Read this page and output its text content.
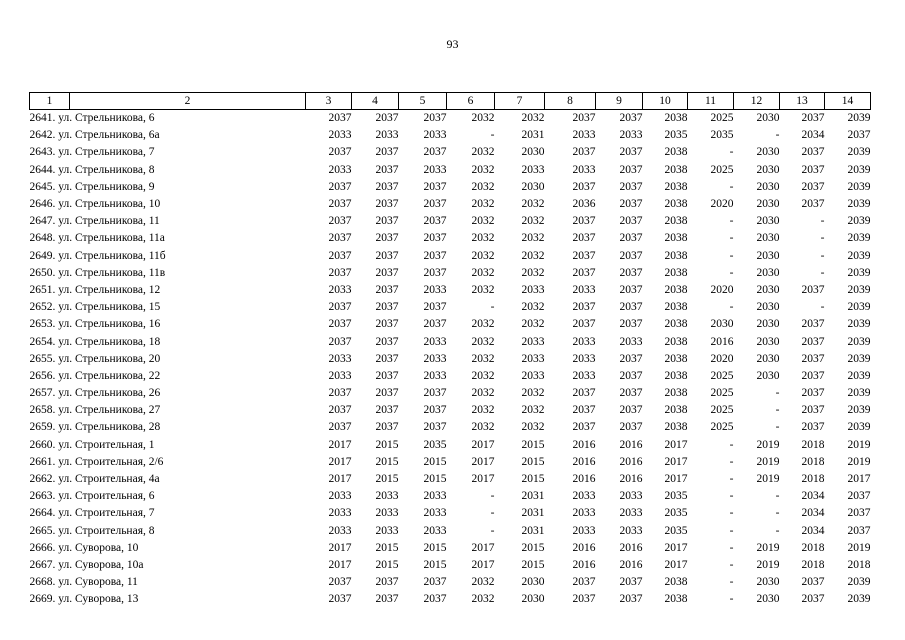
93
1	2	3	4	5	6	7	8	9	10	11	12	13	14
2641. ул. Стрельникова, 6		2037	2037	2037	2032	2032	2037	2037	2038	2025	2030	2037	2039
2642. ул. Стрельникова, 6а		2033	2033	2033	-	2031	2033	2033	2035	2035	-	2034	2037
2643. ул. Стрельникова, 7		2037	2037	2037	2032	2030	2037	2037	2038	-	2030	2037	2039
2644. ул. Стрельникова, 8		2033	2037	2033	2032	2033	2033	2037	2038	2025	2030	2037	2039
2645. ул. Стрельникова, 9		2037	2037	2037	2032	2030	2037	2037	2038	-	2030	2037	2039
2646. ул. Стрельникова, 10		2037	2037	2037	2032	2032	2036	2037	2038	2020	2030	2037	2039
2647. ул. Стрельникова, 11		2037	2037	2037	2032	2032	2037	2037	2038	-	2030	-	2039
2648. ул. Стрельникова, 11а		2037	2037	2037	2032	2032	2037	2037	2038	-	2030	-	2039
2649. ул. Стрельникова, 11б		2037	2037	2037	2032	2032	2037	2037	2038	-	2030	-	2039
2650. ул. Стрельникова, 11в		2037	2037	2037	2032	2032	2037	2037	2038	-	2030	-	2039
2651. ул. Стрельникова, 12		2033	2037	2033	2032	2033	2033	2037	2038	2020	2030	2037	2039
2652. ул. Стрельникова, 15		2037	2037	2037	-	2032	2037	2037	2038	-	2030	-	2039
2653. ул. Стрельникова, 16		2037	2037	2037	2032	2032	2037	2037	2038	2030	2030	2037	2039
2654. ул. Стрельникова, 18		2037	2037	2033	2032	2033	2033	2033	2038	2016	2030	2037	2039
2655. ул. Стрельникова, 20		2033	2037	2033	2032	2033	2033	2037	2038	2020	2030	2037	2039
2656. ул. Стрельникова, 22		2033	2037	2033	2032	2033	2033	2037	2038	2025	2030	2037	2039
2657. ул. Стрельникова, 26		2037	2037	2037	2032	2032	2037	2037	2038	2025	-	2037	2039
2658. ул. Стрельникова, 27		2037	2037	2037	2032	2032	2037	2037	2038	2025	-	2037	2039
2659. ул. Стрельникова, 28		2037	2037	2037	2032	2032	2037	2037	2038	2025	-	2037	2039
2660. ул. Строительная, 1		2017	2015	2035	2017	2015	2016	2016	2017	-	2019	2018	2019
2661. ул. Строительная, 2/6		2017	2015	2015	2017	2015	2016	2016	2017	-	2019	2018	2019
2662. ул. Строительная, 4а		2017	2015	2015	2017	2015	2016	2016	2017	-	2019	2018	2017
2663. ул. Строительная, 6		2033	2033	2033	-	2031	2033	2033	2035	-	-	2034	2037
2664. ул. Строительная, 7		2033	2033	2033	-	2031	2033	2033	2035	-	-	2034	2037
2665. ул. Строительная, 8		2033	2033	2033	-	2031	2033	2033	2035	-	-	2034	2037
2666. ул. Суворова, 10		2017	2015	2015	2017	2015	2016	2016	2017	-	2019	2018	2019
2667. ул. Суворова, 10а		2017	2015	2015	2017	2015	2016	2016	2017	-	2019	2018	2018
2668. ул. Суворова, 11		2037	2037	2037	2032	2030	2037	2037	2038	-	2030	2037	2039
2669. ул. Суворова, 13		2037	2037	2037	2032	2030	2037	2037	2038	-	2030	2037	2039
